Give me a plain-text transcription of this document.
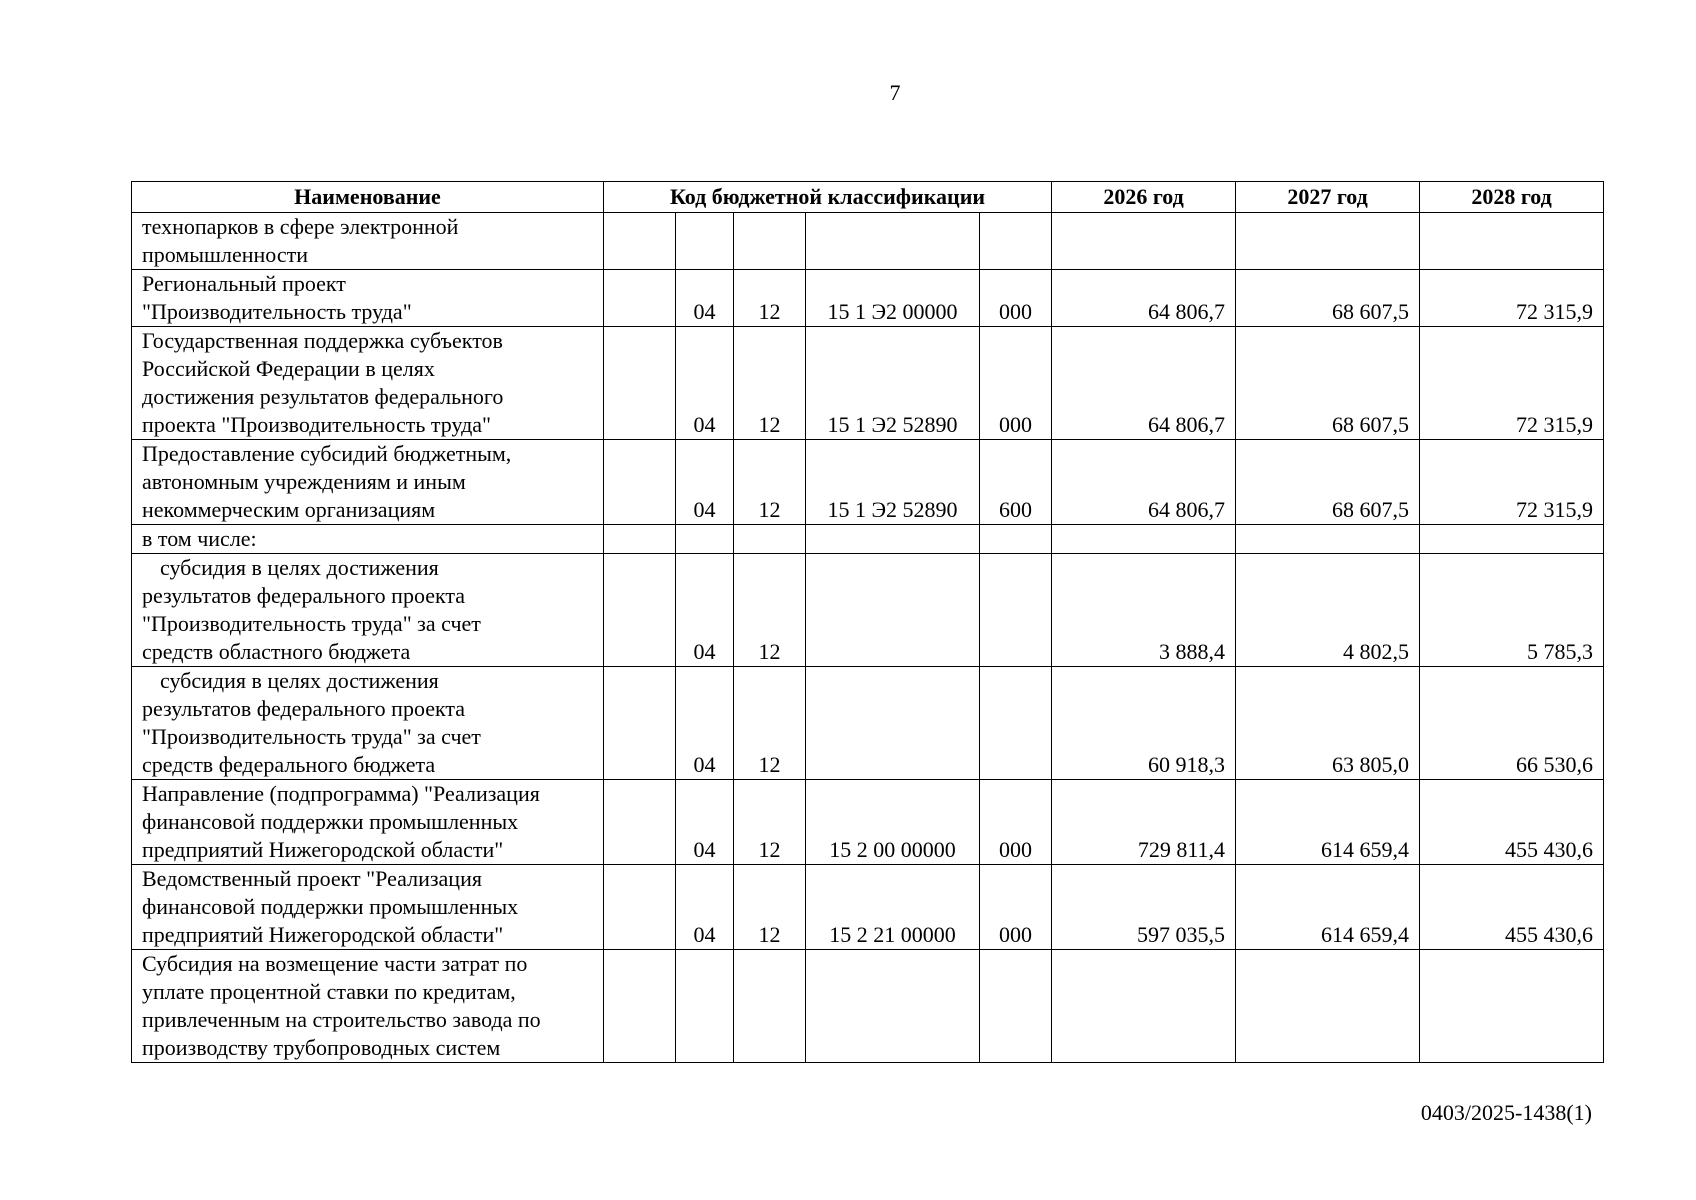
7
Наименование	Код бюджетной классификации					2026 год	2027 год	2028 год

технопарков в сфере электронной
промышленности								

Региональный проект
"Производительность труда"		04	12	15 1 Э2 00000	000	64 806,7	68 607,5	72 315,9

Государственная поддержка субъектов
Российской Федерации в целях
достижения результатов федерального
проекта "Производительность труда"		04	12	15 1 Э2 52890	000	64 806,7	68 607,5	72 315,9

Предоставление субсидий бюджетным,
автономным учреждениям и иным
некоммерческим организациям		04	12	15 1 Э2 52890	600	64 806,7	68 607,5	72 315,9

в том числе:								

субсидия в целях достижения
результатов федерального проекта
"Производительность труда" за счет
средств областного бюджета		04	12			3 888,4	4 802,5	5 785,3

субсидия в целях достижения
результатов федерального проекта
"Производительность труда" за счет
средств федерального бюджета		04	12			60 918,3	63 805,0	66 530,6

Направление (подпрограмма) "Реализация
финансовой поддержки промышленных
предприятий Нижегородской области"		04	12	15 2 00 00000	000	729 811,4	614 659,4	455 430,6

Ведомственный проект "Реализация
финансовой поддержки промышленных
предприятий Нижегородской области"		04	12	15 2 21 00000	000	597 035,5	614 659,4	455 430,6

Субсидия на возмещение части затрат по
уплате процентной ставки по кредитам,
привлеченным на строительство завода по
производству трубопроводных систем								

0403/2025-1438(1)
